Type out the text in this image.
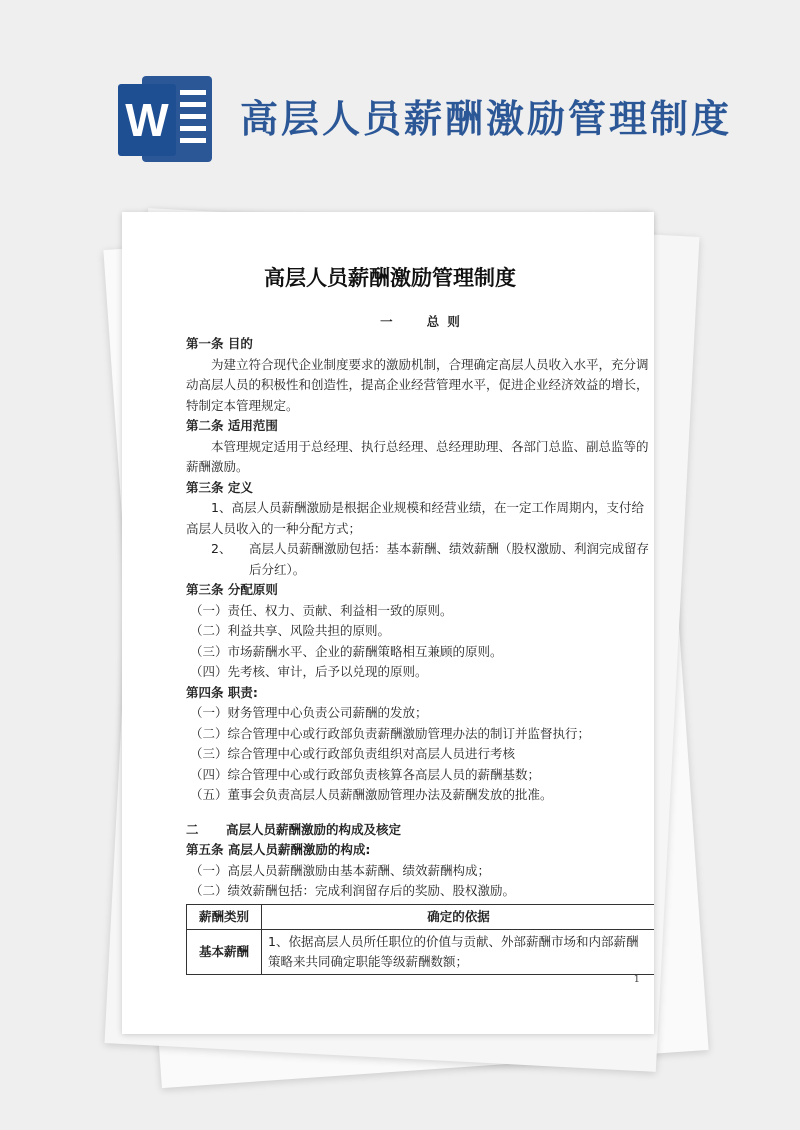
W 高层人员薪酬激励管理制度
高层人员薪酬激励管理制度
一	总 则

第一条 目的

为建立符合现代企业制度要求的激励机制，合理确定高层人员收入水平，充分调动高层人员的积极性和创造性，提高企业经营管理水平，促进企业经济效益的增长，特制定本管理规定。

第二条 适用范围

本管理规定适用于总经理、执行总经理、总经理助理、各部门总监、副总监等的薪酬激励。

第三条 定义

1、高层人员薪酬激励是根据企业规模和经营业绩，在一定工作周期内，支付给高层人员收入的一种分配方式；

2、 高层人员薪酬激励包括：基本薪酬、绩效薪酬（股权激励、利润完成留存后分红）。

第三条 分配原则

（一）责任、权力、贡献、利益相一致的原则。

（二）利益共享、风险共担的原则。

（三）市场薪酬水平、企业的薪酬策略相互兼顾的原则。

（四）先考核、审计，后予以兑现的原则。

第四条 职责:

（一）财务管理中心负责公司薪酬的发放；

（二）综合管理中心或行政部负责薪酬激励管理办法的制订并监督执行；

（三）综合管理中心或行政部负责组织对高层人员进行考核

（四）综合管理中心或行政部负责核算各高层人员的薪酬基数；

（五）董事会负责高层人员薪酬激励管理办法及薪酬发放的批准。

二 高层人员薪酬激励的构成及核定

第五条 高层人员薪酬激励的构成:

（一）高层人员薪酬激励由基本薪酬、绩效薪酬构成；

（二）绩效薪酬包括：完成利润留存后的奖励、股权激励。

薪酬类别	确定的依据
基本薪酬	1、依据高层人员所任职位的价值与贡献、外部薪酬市场和内部薪酬策略来共同确定职能等级薪酬数额；
1
